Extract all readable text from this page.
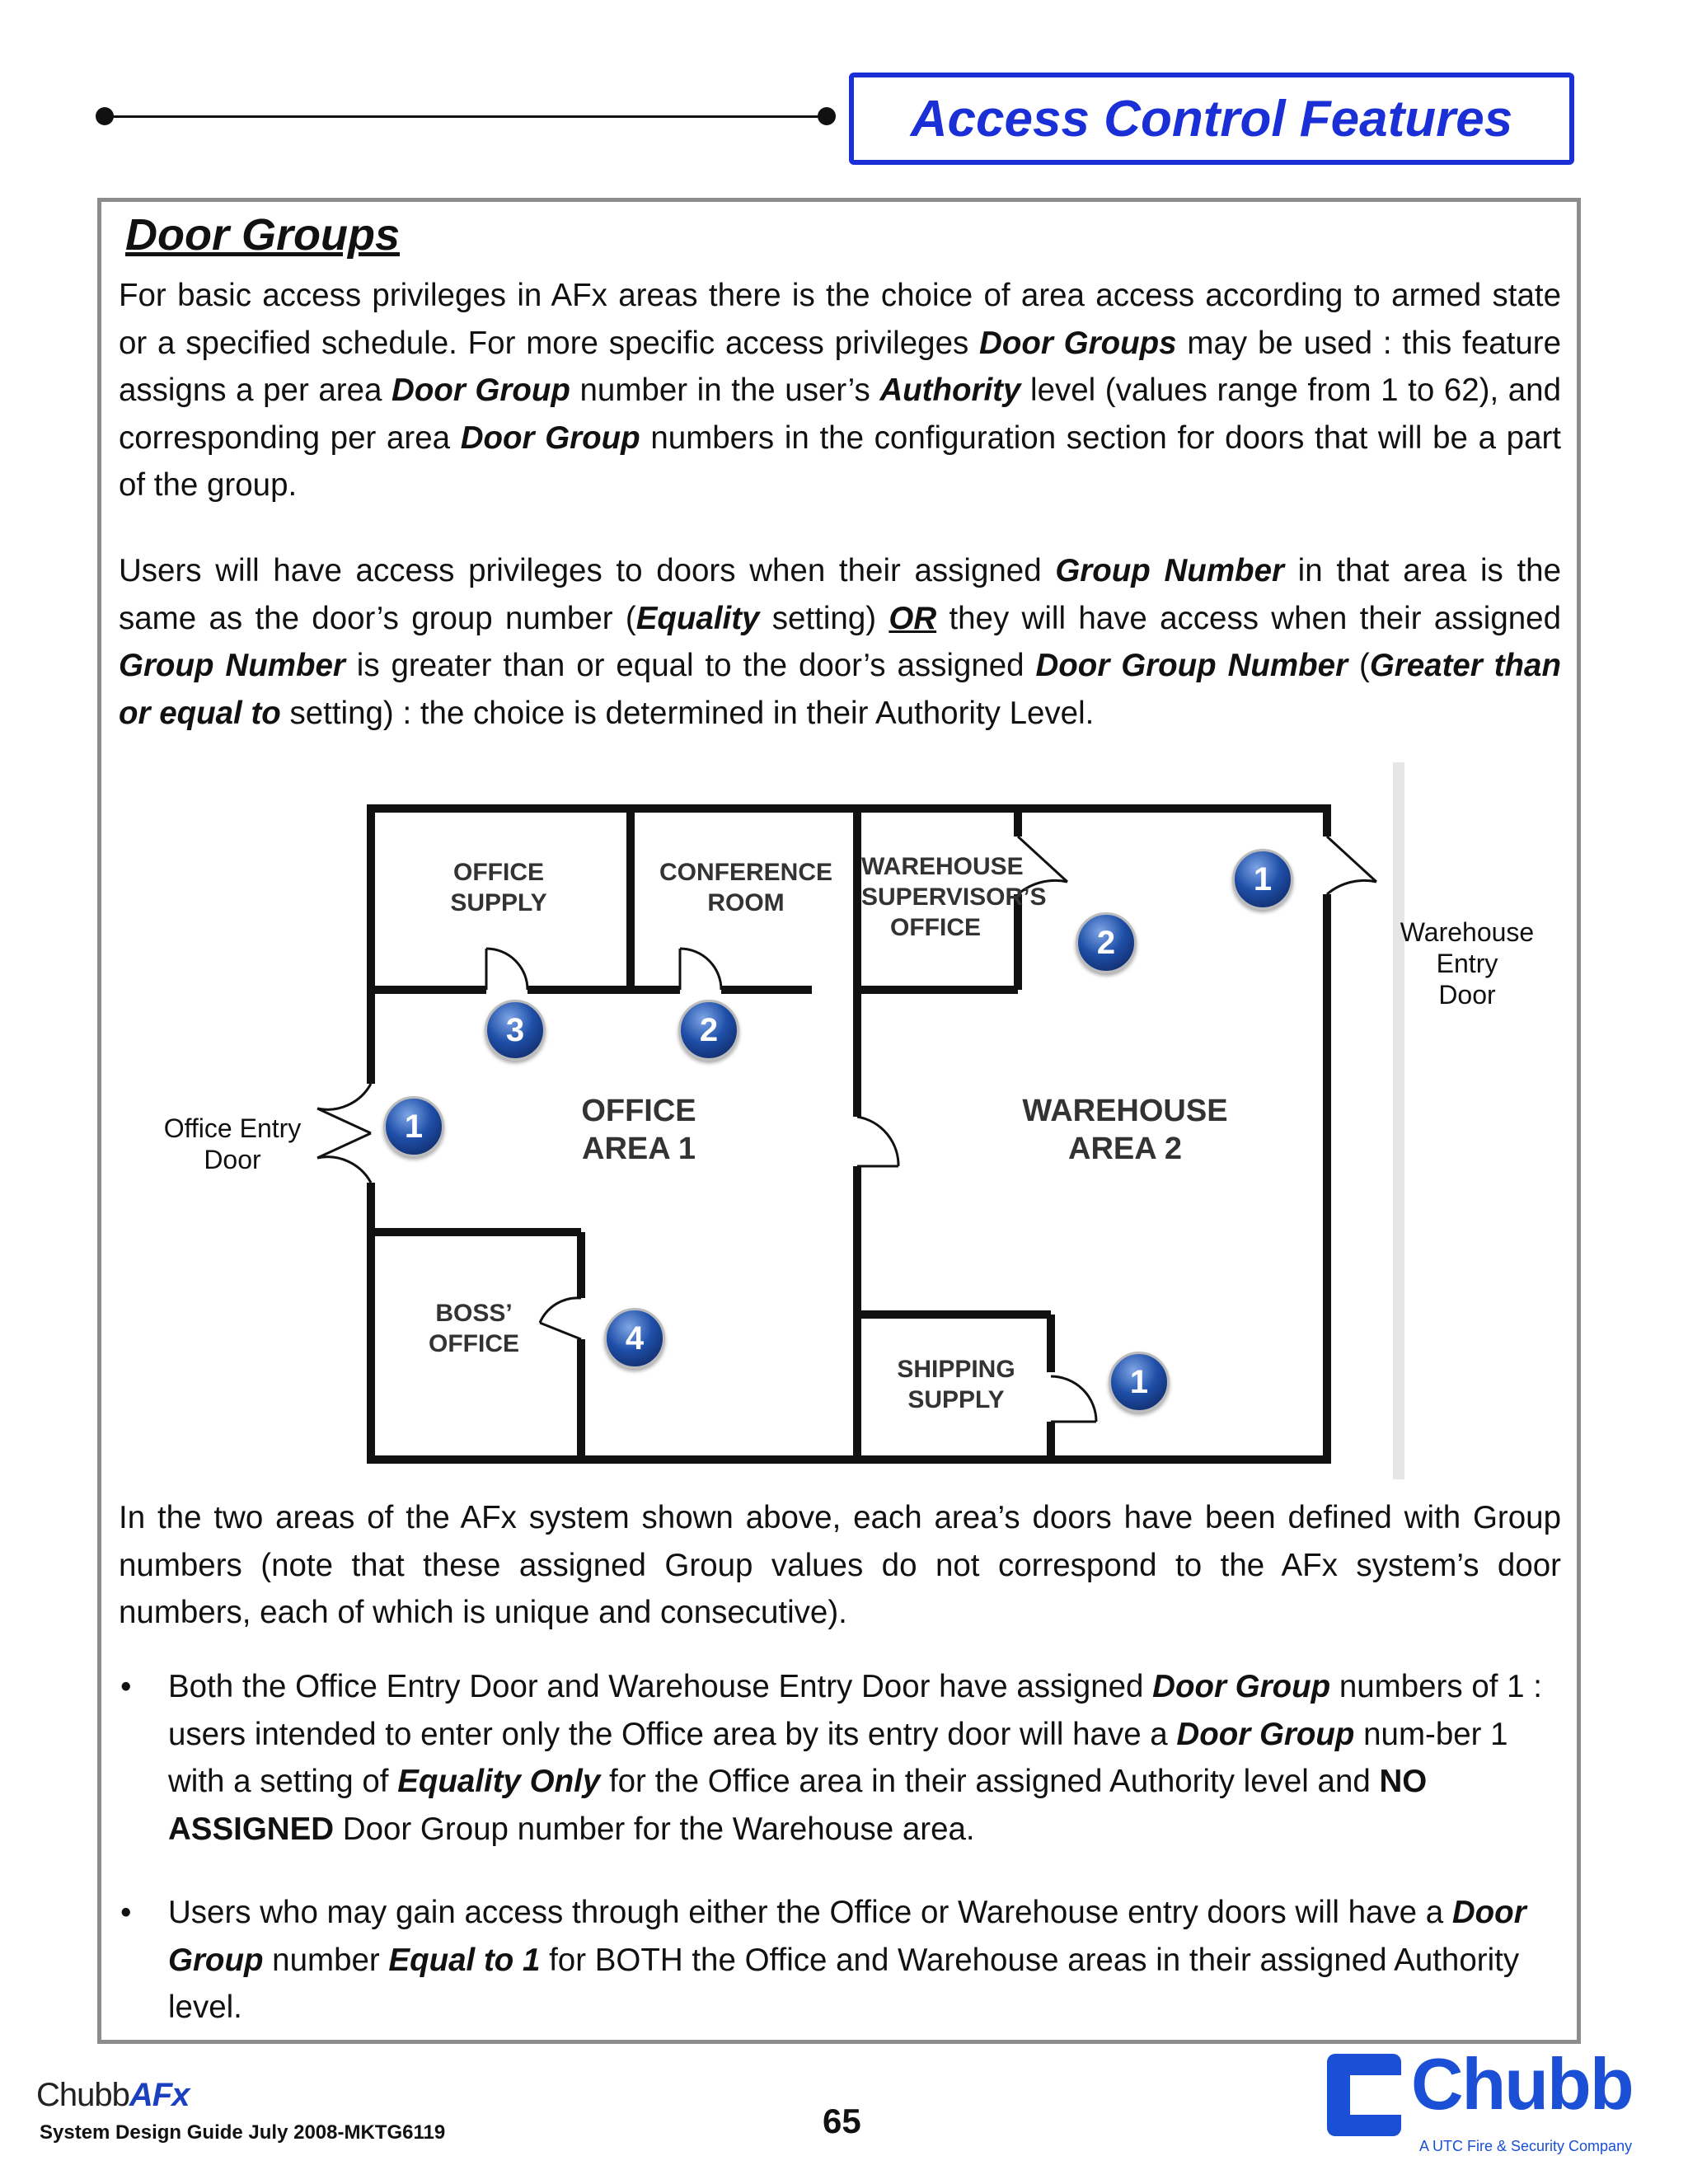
Access Control Features
Door Groups

For basic access privileges in AFx areas there is the choice of area access according to armed state or a specified schedule. For more specific access privileges Door Groups may be used : this feature assigns a per area Door Group number in the user’s Authority level (values range from 1 to 62), and corresponding per area Door Group numbers in the configuration section for doors that will be a part of the group.

Users will have access privileges to doors when their assigned Group Number in that area is the same as the door’s group number (Equality setting) OR they will have access when their assigned Group Number is greater than or equal to the door’s assigned Door Group Number (Greater than or equal to setting) : the choice is determined in their Authority Level.

OFFICE
SUPPLY
CONFERENCE
ROOM
WAREHOUSE
SUPERVISOR’S
OFFICE
OFFICE
AREA 1
WAREHOUSE
AREA 2
BOSS’
OFFICE
SHIPPING
SUPPLY
1
2
3	2
1
4
1
Office Entry
Door
Warehouse
Entry
Door

In the two areas of the AFx system shown above, each area’s doors have been defined with Group numbers (note that these assigned Group values do not correspond to the AFx system’s door numbers, each of which is unique and consecutive).

• Both the Office Entry Door and Warehouse Entry Door have assigned Door Group numbers of 1 : users intended to enter only the Office area by its entry door will have a Door Group num-ber 1 with a setting of Equality Only for the Office area in their assigned Authority level and NO ASSIGNED Door Group number for the Warehouse area.
• Users who may gain access through either the Office or Warehouse entry doors will have a Door Group number Equal to 1 for BOTH the Office and Warehouse areas in their assigned Authority level.
ChubbAFx
System Design Guide July 2008-MKTG6119	65	Chubb
A UTC Fire & Security Company
